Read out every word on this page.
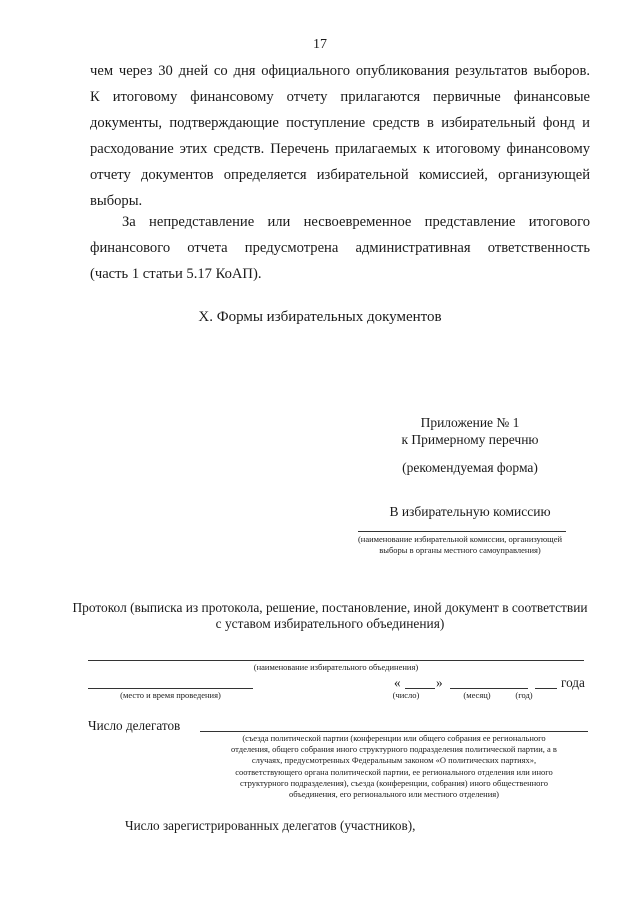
17
чем через 30 дней со дня официального опубликования результатов выборов.
К итоговому финансовому отчету прилагаются первичные финансовые
документы, подтверждающие поступление средств в избирательный фонд и
расходование этих средств. Перечень прилагаемых к итоговому финансовому
отчету документов определяется избирательной комиссией, организующей
выборы.
За непредставление или несвоевременное представление итогового
финансового отчета предусмотрена административная ответственность
(часть 1 статьи 5.17 КоАП).
X. Формы избирательных документов
Приложение № 1
к Примерному перечню
(рекомендуемая форма)
В избирательную комиссию
(наименование избирательной комиссии, организующей
выборы в органы местного самоуправления)
Протокол (выписка из протокола, решение, постановление, иной документ в соответствии
с уставом избирательного объединения)
(наименование избирательного объединения)
(место и время проведения)
«	»	года
(число)	(месяц)	(год)
Число делегатов
(съезда политической партии (конференции или общего собрания ее регионального
отделения, общего собрания иного структурного подразделения политической партии, а в
случаях, предусмотренных Федеральным законом «О политических партиях»,
соответствующего органа политической партии, ее регионального отделения или иного
структурного подразделения), съезда (конференции, собрания) иного общественного
объединения, его регионального или местного отделения)
Число зарегистрированных делегатов (участников),
